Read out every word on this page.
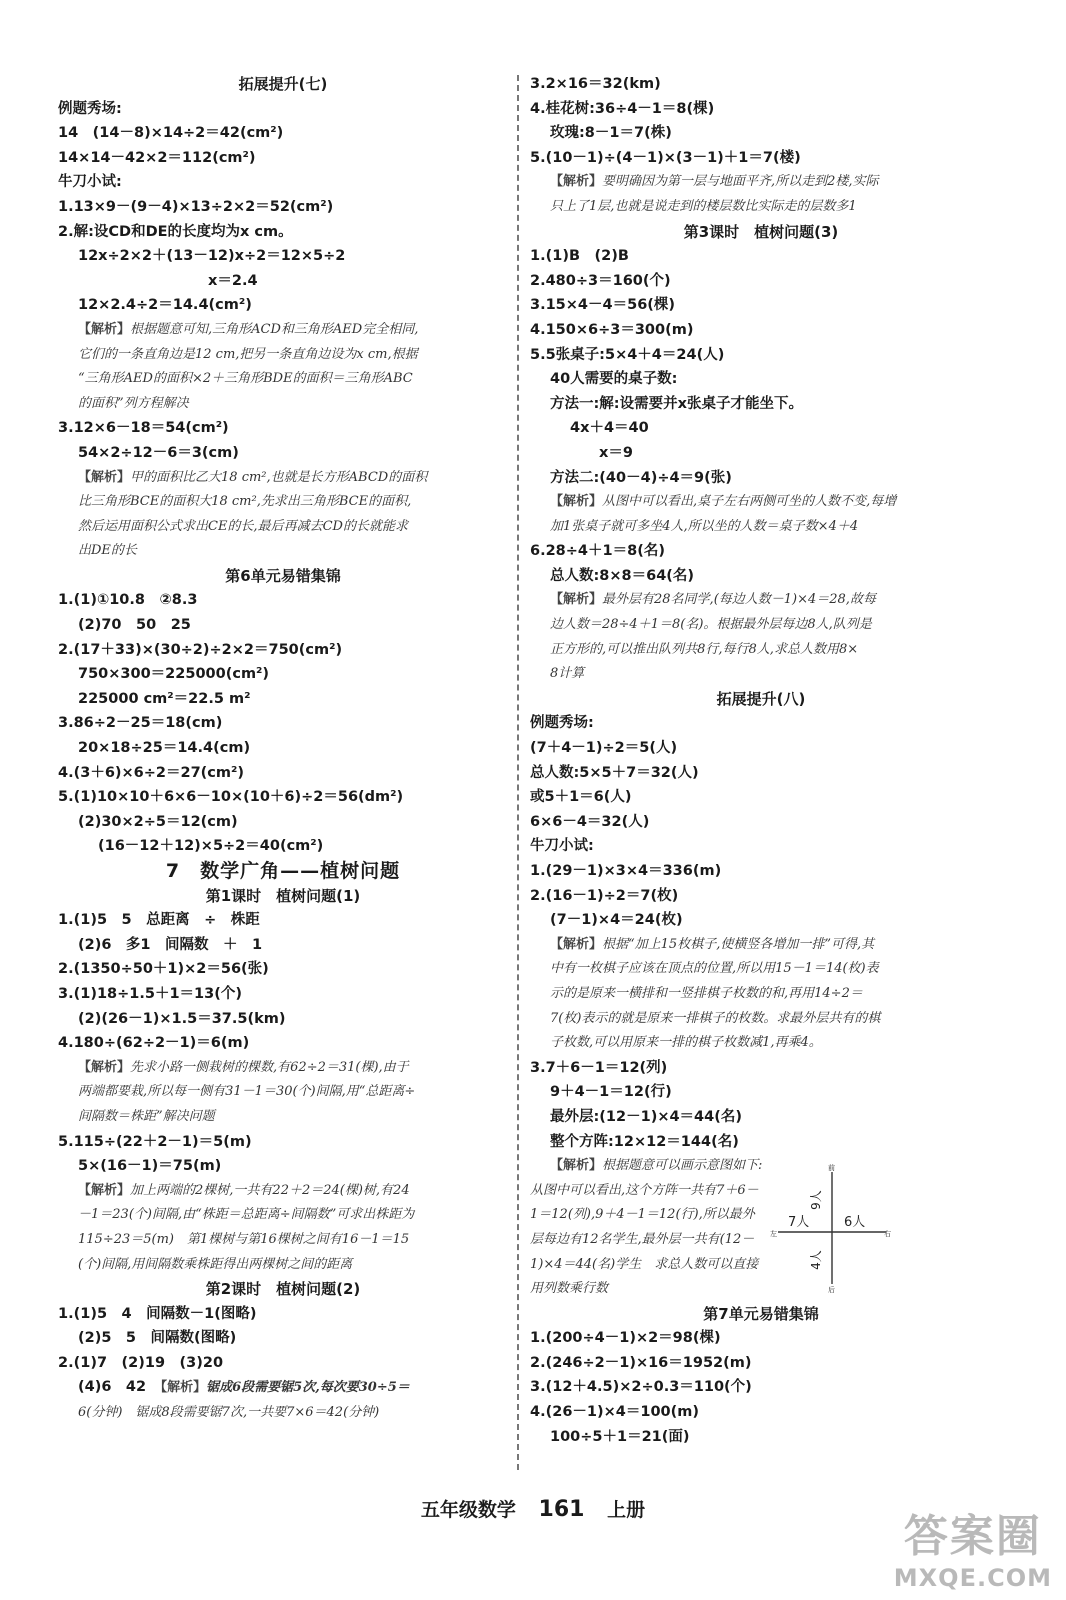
拓展提升(七)
例题秀场:
14　(14－8)×14÷2＝42(cm²)
14×14－42×2＝112(cm²)
牛刀小试:
1.13×9－(9－4)×13÷2×2＝52(cm²)
2.解:设CD和DE的长度均为x cm。
12x÷2×2＋(13－12)x÷2＝12×5÷2
x＝2.4
12×2.4÷2＝14.4(cm²)
【解析】根据题意可知,三角形ACD和三角形AED完全相同,
它们的一条直角边是12 cm,把另一条直角边设为x cm,根据
“三角形AED的面积×2＋三角形BDE的面积＝三角形ABC
的面积”列方程解决
3.12×6－18＝54(cm²)
54×2÷12－6＝3(cm)
【解析】甲的面积比乙大18 cm²,也就是长方形ABCD的面积
比三角形BCE的面积大18 cm²,先求出三角形BCE的面积,
然后运用面积公式求出CE的长,最后再减去CD的长就能求
出DE的长
第6单元易错集锦
1.(1)①10.8　②8.3
(2)70　50　25
2.(17＋33)×(30÷2)÷2×2＝750(cm²)
750×300＝225000(cm²)
225000 cm²＝22.5 m²
3.86÷2－25＝18(cm)
20×18÷25＝14.4(cm)
4.(3＋6)×6÷2＝27(cm²)
5.(1)10×10＋6×6－10×(10＋6)÷2＝56(dm²)
(2)30×2÷5＝12(cm)
(16－12＋12)×5÷2＝40(cm²)
7　数学广角——植树问题
第1课时　植树问题(1)
1.(1)5　5　总距离　÷　株距
(2)6　多1　间隔数　＋　1
2.(1350÷50＋1)×2＝56(张)
3.(1)18÷1.5＋1＝13(个)
(2)(26－1)×1.5＝37.5(km)
4.180÷(62÷2－1)＝6(m)
【解析】先求小路一侧栽树的棵数,有62÷2＝31(棵),由于
两端都要栽,所以每一侧有31－1＝30(个)间隔,用“总距离÷
间隔数＝株距”解决问题
5.115÷(22＋2－1)＝5(m)
5×(16－1)＝75(m)
【解析】加上两端的2棵树,一共有22＋2＝24(棵)树,有24
－1＝23(个)间隔,由“株距＝总距离÷间隔数”可求出株距为
115÷23＝5(m)　第1棵树与第16棵树之间有16－1＝15
(个)间隔,用间隔数乘株距得出两棵树之间的距离
第2课时　植树问题(2)
1.(1)5　4　间隔数－1(图略)
(2)5　5　间隔数(图略)
2.(1)7　(2)19　(3)20
(4)6　42　【解析】锯成6段需要锯5次,每次要30÷5＝
6(分钟)　锯成8段需要锯7次,一共要7×6＝42(分钟)
3.2×16＝32(km)
4.桂花树:36÷4－1＝8(棵)
玫瑰:8－1＝7(株)
5.(10－1)÷(4－1)×(3－1)＋1＝7(楼)
【解析】要明确因为第一层与地面平齐,所以走到2楼,实际
只上了1层,也就是说走到的楼层数比实际走的层数多1
第3课时　植树问题(3)
1.(1)B　(2)B
2.480÷3＝160(个)
3.15×4－4＝56(棵)
4.150×6÷3＝300(m)
5.5张桌子:5×4＋4＝24(人)
40人需要的桌子数:
方法一:解:设需要并x张桌子才能坐下。
4x＋4＝40
　　x＝9
方法二:(40－4)÷4＝9(张)
【解析】从图中可以看出,桌子左右两侧可坐的人数不变,每增
加1张桌子就可多坐4人,所以坐的人数＝桌子数×4＋4
6.28÷4＋1＝8(名)
总人数:8×8＝64(名)
【解析】最外层有28名同学,(每边人数－1)×4＝28,故每
边人数＝28÷4＋1＝8(名)。根据最外层每边8人,队列是
正方形的,可以推出队列共8行,每行8人,求总人数用8×
8计算
拓展提升(八)
例题秀场:
(7＋4－1)÷2＝5(人)
总人数:5×5＋7＝32(人)
或5＋1＝6(人)
6×6－4＝32(人)
牛刀小试:
1.(29－1)×3×4＝336(m)
2.(16－1)÷2＝7(枚)
(7－1)×4＝24(枚)
【解析】根据“加上15枚棋子,使横竖各增加一排”可得,其
中有一枚棋子应该在顶点的位置,所以用15－1＝14(枚)表
示的是原来一横排和一竖排棋子枚数的和,再用14÷2＝
7(枚)表示的就是原来一排棋子的枚数。求最外层共有的棋
子枚数,可以用原来一排的棋子枚数减1,再乘4。
3.7＋6－1＝12(列)
9＋4－1＝12(行)
最外层:(12－1)×4＝44(名)
整个方阵:12×12＝144(名)
【解析】根据题意可以画示意图如下:
从图中可以看出,这个方阵一共有7＋6－
1＝12(列),9＋4－1＝12(行),所以最外
层每边有12名学生,最外层一共有(12－
1)×4＝44(名)学生　求总人数可以直接
用列数乘行数
7人	6人
9人
4人
前
后
左	右
第7单元易错集锦
1.(200÷4－1)×2＝98(棵)
2.(246÷2－1)×16＝1952(m)
3.(12＋4.5)×2÷0.3＝110(个)
4.(26－1)×4＝100(m)
100÷5＋1＝21(面)
五年级数学 161 上册
答案圈
MXQE.COM
